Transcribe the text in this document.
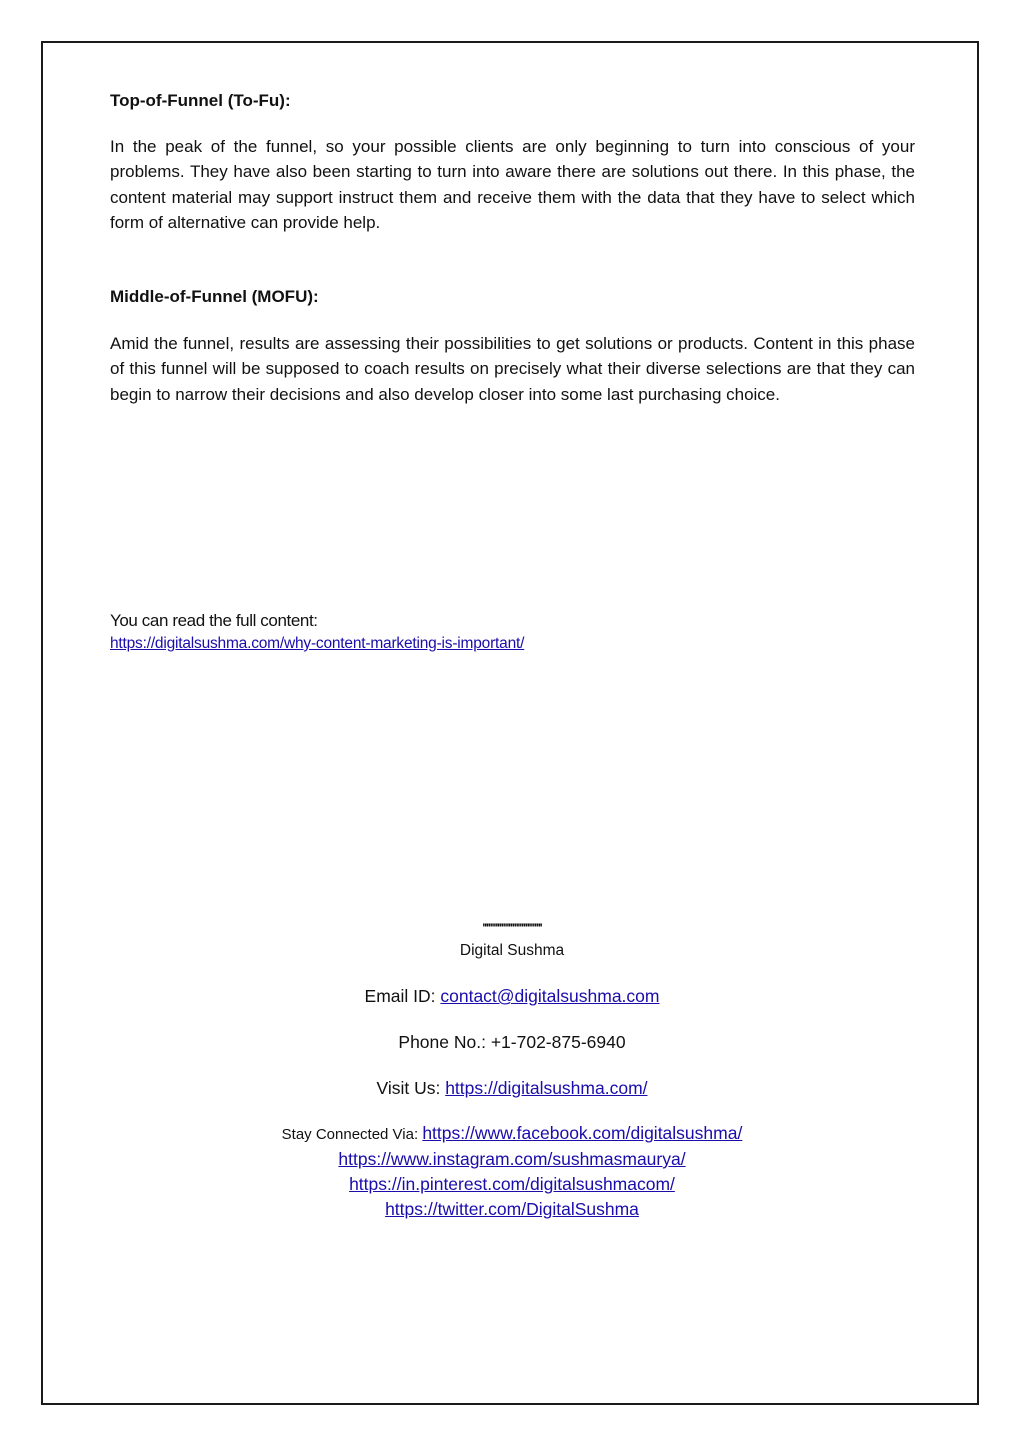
Top-of-Funnel (To-Fu):

In the peak of the funnel, so your possible clients are only beginning to turn into conscious of your problems. They have also been starting to turn into aware there are solutions out there. In this phase, the content material may support instruct them and receive them with the data that they have to select which form of alternative can provide help.

Middle-of-Funnel (MOFU):

Amid the funnel, results are assessing their possibilities to get solutions or products. Content in this phase of this funnel will be supposed to coach results on precisely what their diverse selections are that they can begin to narrow their decisions and also develop closer into some last purchasing choice.

You can read the full content:

https://digitalsushma.com/why-content-marketing-is-important/
''''''''''''''''''''''''''''''''
Digital Sushma
Email ID: contact@digitalsushma.com
Phone No.: +1-702-875-6940
Visit Us: https://digitalsushma.com/
Stay Connected Via: https://www.facebook.com/digitalsushma/
https://www.instagram.com/sushmasmaurya/
https://in.pinterest.com/digitalsushmacom/
https://twitter.com/DigitalSushma
